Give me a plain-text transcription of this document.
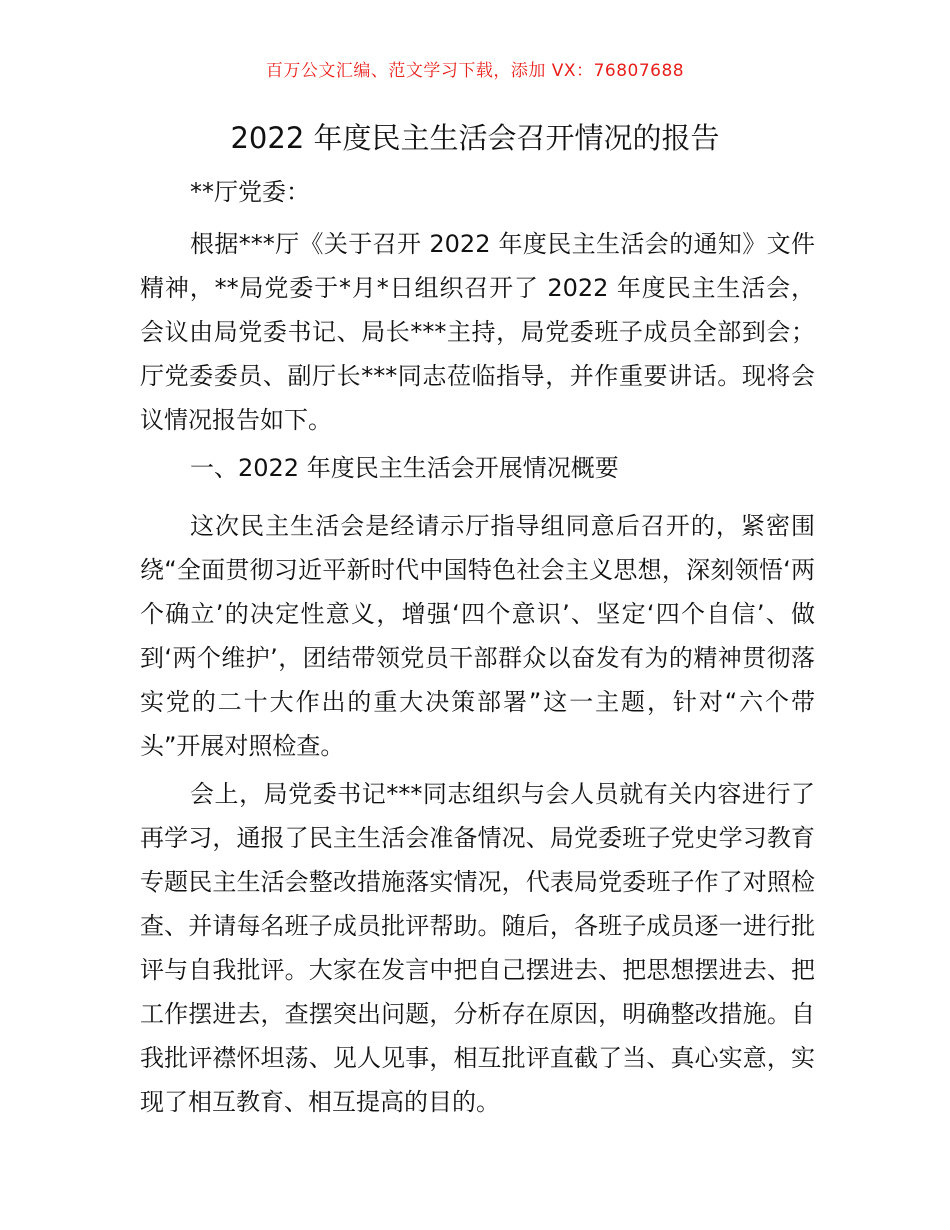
百万公文汇编、范文学习下载，添加 VX：76807688
2022 年度民主生活会召开情况的报告
**厅党委：

根据***厅《关于召开 2022 年度民主生活会的通知》文件精神，**局党委于*月*日组织召开了 2022 年度民主生活会，会议由局党委书记、局长***主持，局党委班子成员全部到会；厅党委委员、副厅长***同志莅临指导，并作重要讲话。现将会议情况报告如下。

一、2022 年度民主生活会开展情况概要

这次民主生活会是经请示厅指导组同意后召开的，紧密围绕“全面贯彻习近平新时代中国特色社会主义思想，深刻领悟‘两个确立’的决定性意义，增强‘四个意识’、坚定‘四个自信’、做到‘两个维护’，团结带领党员干部群众以奋发有为的精神贯彻落实党的二十大作出的重大决策部署”这一主题，针对“六个带头”开展对照检查。

会上，局党委书记***同志组织与会人员就有关内容进行了再学习，通报了民主生活会准备情况、局党委班子党史学习教育专题民主生活会整改措施落实情况，代表局党委班子作了对照检查、并请每名班子成员批评帮助。随后，各班子成员逐一进行批评与自我批评。大家在发言中把自己摆进去、把思想摆进去、把工作摆进去，查摆突出问题，分析存在原因，明确整改措施。自我批评襟怀坦荡、见人见事，相互批评直截了当、真心实意，实现了相互教育、相互提高的目的。
